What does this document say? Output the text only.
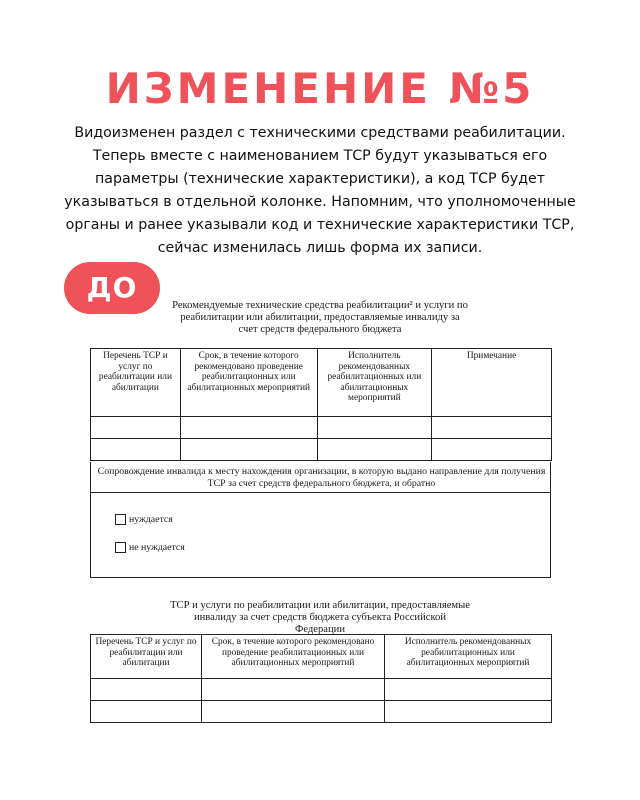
ИЗМЕНЕНИЕ №5
Видоизменен раздел с техническими средствами реабилитации. Теперь вместе с наименованием ТСР будут указываться его параметры (технические характеристики), а код ТСР будет указываться в отдельной колонке. Напомним, что уполномоченные органы и ранее указывали код и технические характеристики ТСР, сейчас изменилась лишь форма их записи.
ДО
Рекомендуемые технические средства реабилитации² и услуги по реабилитации или абилитации, предоставляемые инвалиду за счет средств федерального бюджета
Перечень ТСР и услуг по реабилитации или абилитации	Срок, в течение которого рекомендовано проведение реабилитационных или абилитационных мероприятий	Исполнитель рекомендованных реабилитационных или абилитационных мероприятий	Примечание

Сопровождение инвалида к месту нахождения организации, в которую выдано направление для получения ТСР за счет средств федерального бюджета, и обратно
нуждается
не нуждается
ТСР и услуги по реабилитации или абилитации, предоставляемые инвалиду за счет средств бюджета субъекта Российской Федерации
Перечень ТСР и услуг по реабилитации или абилитации	Срок, в течение которого рекомендовано проведение реабилитационных или абилитационных мероприятий	Исполнитель рекомендованных реабилитационных или абилитационных мероприятий
